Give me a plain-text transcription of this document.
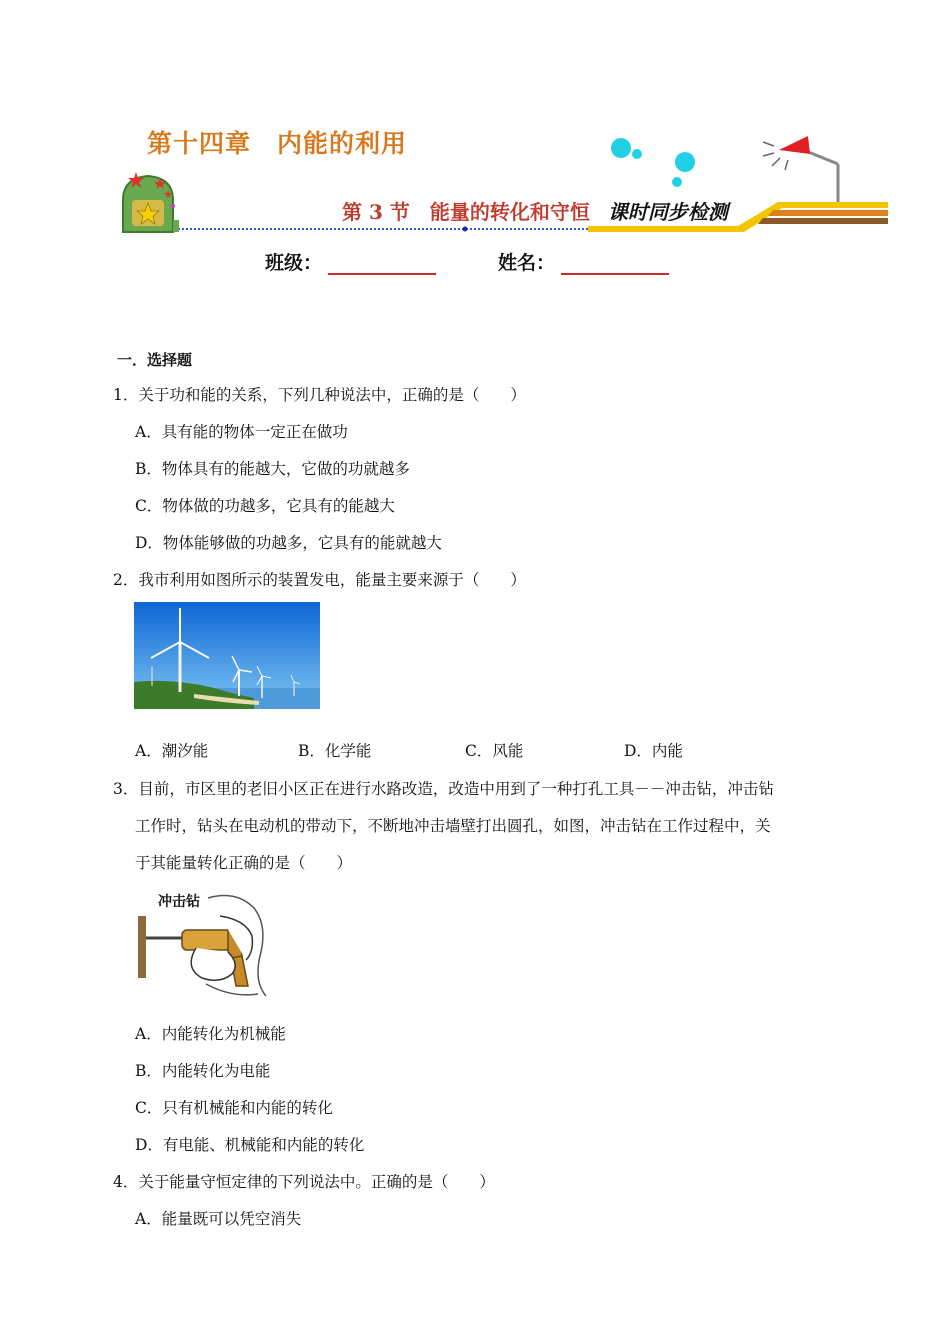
第十四章　内能的利用
第 3 节　能量的转化和守恒 课时同步检测
班级：	姓名：
一．选择题
1．关于功和能的关系，下列几种说法中，正确的是（　　）
A．具有能的物体一定正在做功
B．物体具有的能越大，它做的功就越多
C．物体做的功越多，它具有的能越大
D．物体能够做的功越多，它具有的能就越大
2．我市利用如图所示的装置发电，能量主要来源于（　　）
A．潮汐能	B．化学能	C．风能	D．内能
3．目前，市区里的老旧小区正在进行水路改造，改造中用到了一种打孔工具－－冲击钻，冲击钻
工作时，钻头在电动机的带动下，不断地冲击墙壁打出圆孔，如图，冲击钻在工作过程中，关
于其能量转化正确的是（　　）
冲击钻
A．内能转化为机械能
B．内能转化为电能
C．只有机械能和内能的转化
D．有电能、机械能和内能的转化
4．关于能量守恒定律的下列说法中。正确的是（　　）
A．能量既可以凭空消失
